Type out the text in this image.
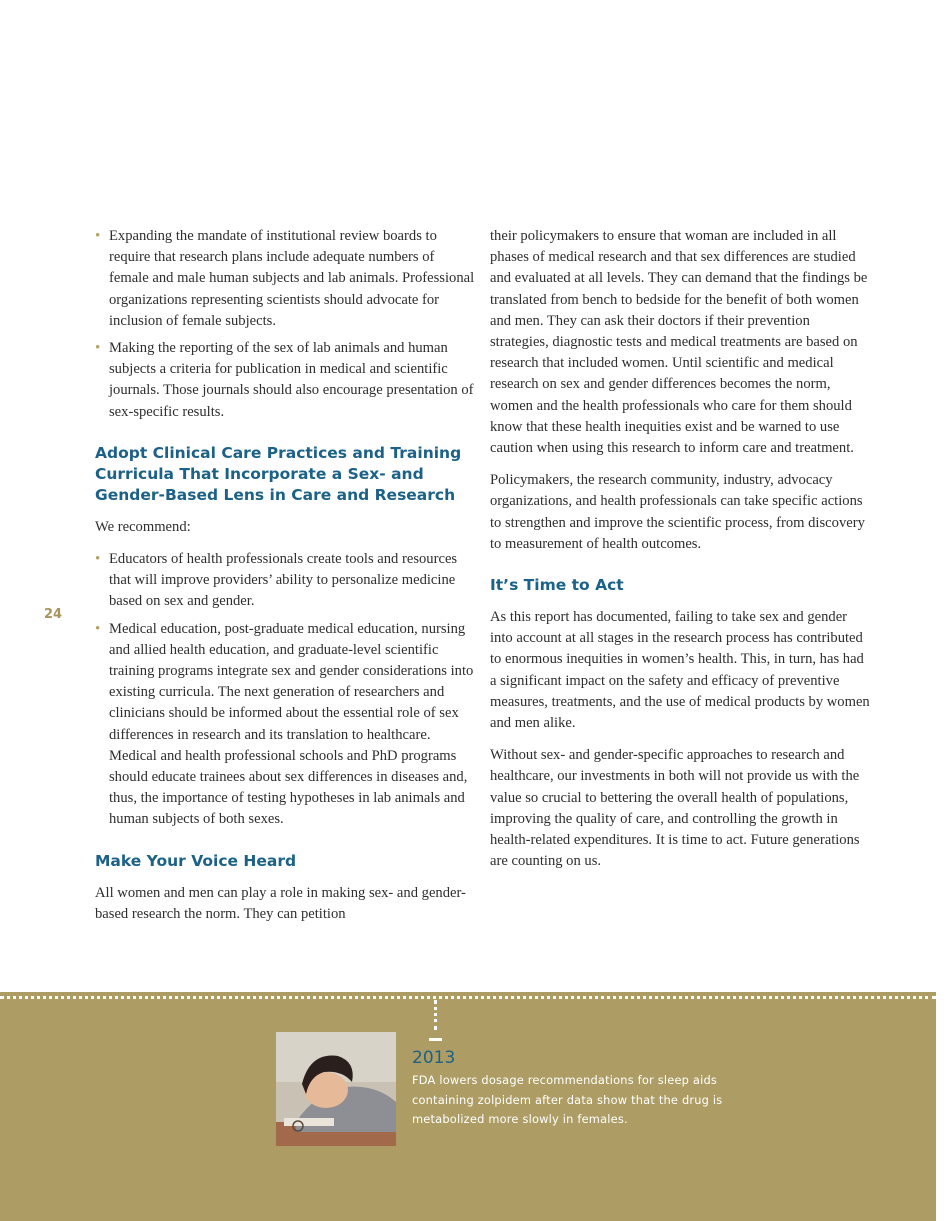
24
• Expanding the mandate of institutional review boards to require that research plans include adequate numbers of female and male human subjects and lab animals. Professional organizations representing scientists should advocate for inclusion of female subjects.
• Making the reporting of the sex of lab animals and human subjects a criteria for publication in medical and scientific journals. Those journals should also encourage presentation of sex-specific results.
Adopt Clinical Care Practices and Training Curricula That Incorporate a Sex- and Gender-Based Lens in Care and Research

We recommend:

• Educators of health professionals create tools and resources that will improve providers’ ability to personalize medicine based on sex and gender.
• Medical education, post-graduate medical education, nursing and allied health education, and graduate-level scientific training programs integrate sex and gender considerations into existing curricula. The next generation of researchers and clinicians should be informed about the essential role of sex differences in research and its translation to healthcare. Medical and health professional schools and PhD programs should educate trainees about sex differences in diseases and, thus, the importance of testing hypotheses in lab animals and human subjects of both sexes.
Make Your Voice Heard

All women and men can play a role in making sex- and gender-based research the norm. They can petition

their policymakers to ensure that woman are included in all phases of medical research and that sex differences are studied and evaluated at all levels. They can demand that the findings be translated from bench to bedside for the benefit of both women and men. They can ask their doctors if their prevention strategies, diagnostic tests and medical treatments are based on research that included women. Until scientific and medical research on sex and gender differences becomes the norm, women and the health professionals who care for them should know that these health inequities exist and be warned to use caution when using this research to inform care and treatment.

Policymakers, the research community, industry, advocacy organizations, and health professionals can take specific actions to strengthen and improve the scientific process, from discovery to measurement of health outcomes.

It’s Time to Act

As this report has documented, failing to take sex and gender into account at all stages in the research process has contributed to enormous inequities in women’s health. This, in turn, has had a significant impact on the safety and efficacy of preventive measures, treatments, and the use of medical products by women and men alike.

Without sex- and gender-specific approaches to research and healthcare, our investments in both will not provide us with the value so crucial to bettering the overall health of populations, improving the quality of care, and controlling the growth in health-related expenditures. It is time to act. Future generations are counting on us.

2013
FDA lowers dosage recommendations for sleep aids containing zolpidem after data show that the drug is metabolized more slowly in females.
